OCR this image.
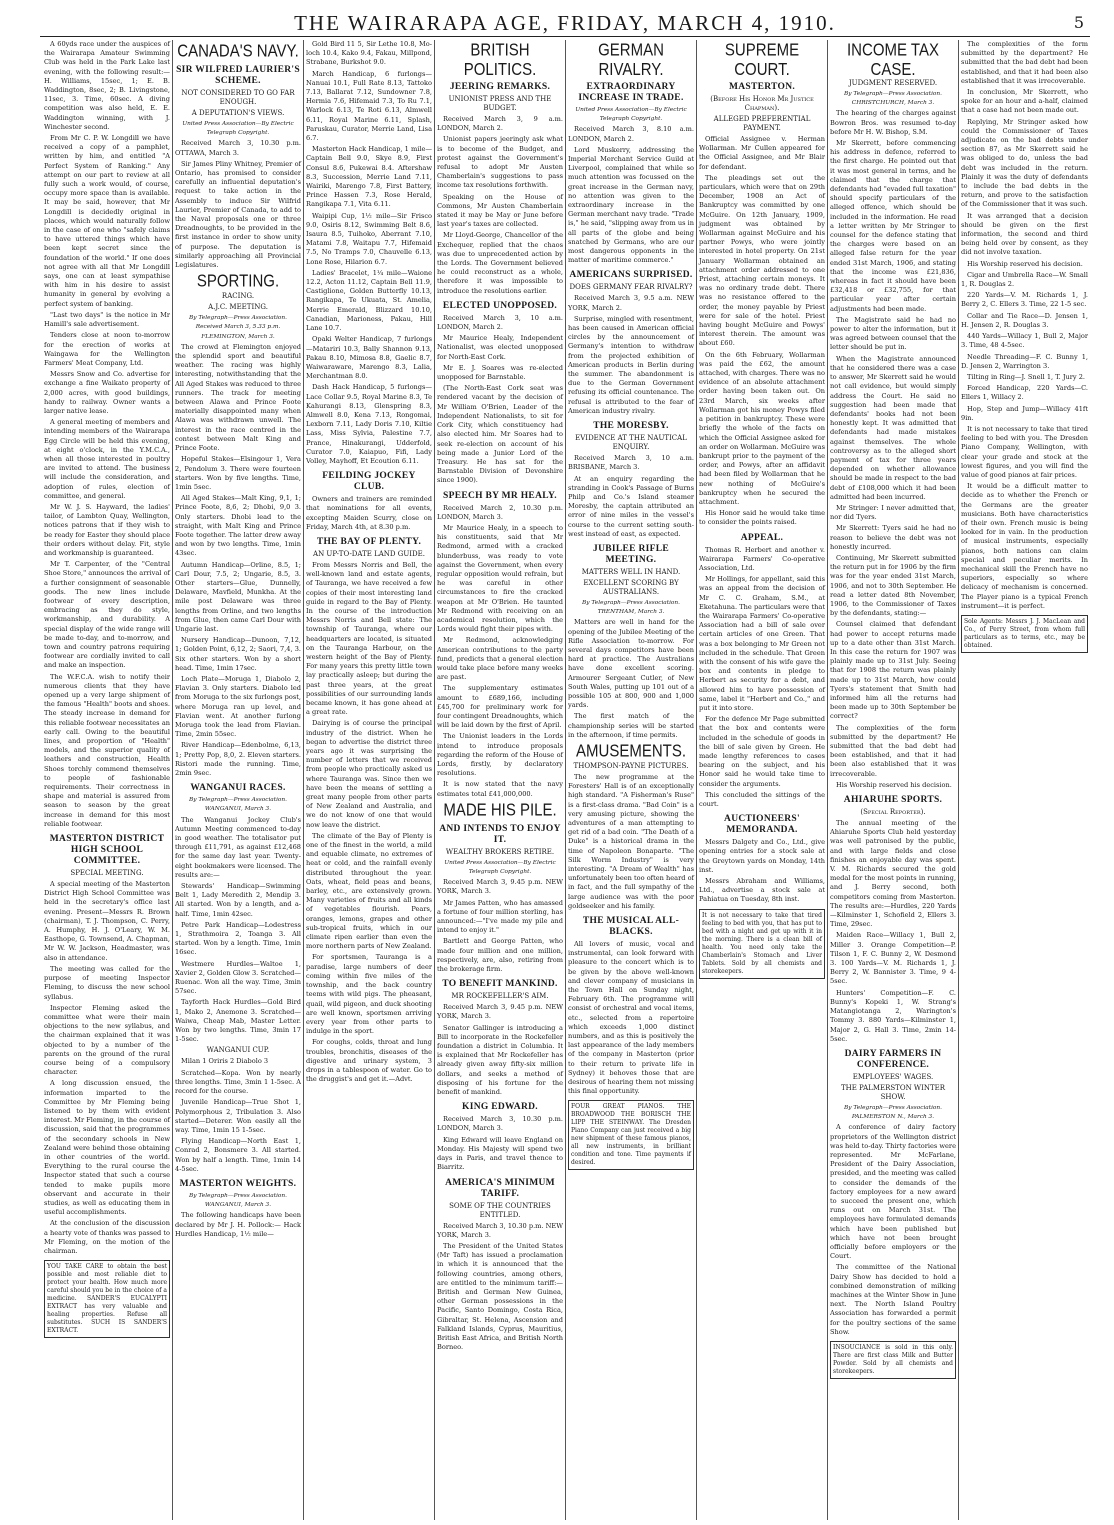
THE WAIRARAPA AGE, FRIDAY, MARCH 4, 1910.	5
A 60yds race under the auspices of the Wairarapa Amateur Swimming Club was held in the Park Lake last evening, with the following result:— H. Williams, 15sec, 1; E. B. Waddington, 8sec, 2; B. Livingstone, 11sec, 3. Time, 60sec. A diving competition was also held, E. E. Waddington winning, with J. Winchester second.
From Mr C. P. W. Longdill we have received a copy of a pamphlet, written by him, and entitled "A Perfect System of Ranking." Any attempt on our part to review at all fully such a work would, of course, occupy more space than is available. It may be said, however, that Mr Longdill is decidedly original in places, which would naturally follow in the case of one who "safely claims to have uttered things which have been kept secret since the foundation of the world." If one does not agree with all that Mr Longdill says, one can at least sympathise with him in his desire to assist humanity in general by evolving a perfect system of banking.
"Last two days" is the notice in Mr Hamill's sale advertisement.
Tenders close at noon to-morrow for the erection of works at Waingawa for the Wellington Farmers' Meat Company, Ltd.
Messrs Snow and Co. advertise for exchange a fine Waikato property of 2,000 acres, with good buildings, handy to railway. Owner wants a larger native lease.
A general meeting of members and intending members of the Wairarapa Egg Circle will be held this evening, at eight o'clock, in the Y.M.C.A., when all those interested in poultry are invited to attend. The business will include the consideration, and adoption of rules, election of committee, and general.
Mr W. J. S. Hayward, the ladies' tailor, of Lambton Quay, Wellington, notices patrons that if they wish to be ready for Easter they should place their orders without delay. Fit, style and workmanship is guaranteed.
Mr T. Carpenter, of the "Central Shoe Store," announces the arrival of a further consignment of seasonable goods. The new lines include footwear of every description, embracing as they do style, workmanship, and durability. A special display of the wide range will be made to-day, and to-morrow, and town and country patrons requiring footwear are cordially invited to call and make an inspection.
The W.F.C.A. wish to notify their numerous clients that they have opened up a very large shipment of the famous "Health" boots and shoes. The steady increase in demand for this reliable footwear necessitates an early call. Owing to the beautiful lines, and proportion of "Health" models, and the superior quality of leathers and construction, Health Shoes torchly commend themselves to people of fashionable requirements. Their correctness in shape and material is assured from season to season by the great increase in demand for this most reliable footwear.
MASTERTON DISTRICT HIGH SCHOOL COMMITTEE.
SPECIAL MEETING.
A special meeting of the Masterton District High School Committee was held in the secretary's office last evening. Present—Messrs R. Brown (chairman), T. J. Thompson, C. Perry, A. Humphy, H. J. O'Leary, W. M. Easthope, G. Townsend, A. Chapman, Mr W. W. Jackson, Headmaster, was also in attendance.
The meeting was called for the purpose of meeting Inspector Fleming, to discuss the new school syllabus.
Inspector Fleming asked the committee what were their main objections to the new syllabus, and the chairman explained that it was objected to by a number of the parents on the ground of the rural course being of a compulsory character.
A long discussion ensued, the information imparted to the Committee by Mr Fleming being listened to by them with evident interest. Mr Fleming, in the course of discussion, said that the programmes of the secondary schools in New Zealand were behind those obtaining in other countries of the world. Everything to the rural course the Inspector stated that such a course tended to make pupils more observant and accurate in their studies, as well as educating them in useful accomplishments.
At the conclusion of the discussion a hearty vote of thanks was passed to Mr Fleming, on the motion of the chairman.
YOU TAKE CARE to obtain the best possible and most reliable diet to protect your health. How much more careful should you be in the choice of a medicine. SANDER'S EUCALYPTI EXTRACT has very valuable and healing properties. Refuse all substitutes. SUCH IS SANDER'S EXTRACT.
CANADA'S NAVY.
SIR WILFRED LAURIER'S SCHEME.
NOT CONSIDERED TO GO FAR ENOUGH.
A DEPUTATION'S VIEWS.
United Press Association—By Electric Telegraph Copyright.
Received March 3, 10.30 p.m. OTTAWA, March 3.
Sir James Pliny Whitney, Premier of Ontario, has promised to consider carefully an influential deputation's request to take action in the Assembly to induce Sir Wilfrid Laurier, Premier of Canada, to add to the Naval proposals one or three Dreadnoughts, to be provided in the first instance in order to show unity of purpose. The deputation is similarly approaching all Provincial Legislatures.
SPORTING.
RACING.
A.J.C. MEETING.
By Telegraph—Press Association. Received March 3, 5.33 p.m. FLEMINGTON, March 3.
The crowd at Flemington enjoyed the splendid sport and beautiful weather. The racing was highly interesting, notwithstanding that the All Aged Stakes was reduced to three runners. The track for meeting between Alawa and Prince Foote materially disappointed many when Alawa was withdrawn unwell. The interest in the race centred in the contest between Malt King and Prince Foote.
Hopeful Stakes—Elsingour 1, Vera 2, Pendolum 3. There were fourteen starters. Won by five lengths. Time, 1min 5sec.
All Aged Stakes—Malt King, 9,1, 1; Prince Foote, 8,6, 2; Dhobi, 9,0 3. Only starters. Dhobi lead to the straight, with Malt King and Prince Foote together. The latter drew away and won by two lengths. Time, 1min 43sec.
Autumn Handicap—Orline, 8.5, 1; Carl Dour, 7.5, 2; Ungarie, 8.5, 3. Other starters—Glue, Dunnelly, Delaware, Mavfield, Munkha. At the mile post Delaware was three lengths from Orline, and two lengths from Glue, then came Carl Dour with Ungarie last.
Nursery Handicap—Dunoon, 7,12, 1; Golden Point, 6,12, 2; Saori, 7,4, 3. Six other starters. Won by a short head. Time, 1min 17sec.
Loch Plate—Moruga 1, Diabolo 2, Flavian 3. Only starters. Diabolo led from Moruga to the six furlongs post, where Moruga ran up level, and Flavian went. At another furlong Moruga took the lead from Flavian. Time, 2min 55sec.
River Handicap—Edenbolme, 6,13, 1; Pretty Pop, 8,0, 2. Eleven starters. Ristori made the running. Time, 2min 9sec.
WANGANUI RACES.
By Telegraph—Press Association. WANGANUI, March 3.
The Wanganui Jockey Club's Autumn Meeting commenced to-day in good weather. The totalisator put through £11,791, as against £12,468 for the same day last year. Twenty-eight bookmakers were licensed. The results are:—
Stewards' Handicap—Swimming Belt 1, Lady Meredith 2, Mendip 3. All started. Won by a length, and a-half. Time, 1min 42sec.
Petre Park Handicap—Lodestress 1, Strathmoira 2, Toanga 3. All started. Won by a length. Time, 1min 16sec.
Westmere Hurdles—Waltoe 1, Xavier 2, Golden Glow 3. Scratched—Ruenac. Won all the way. Time, 3min 57sec.
Tayforth Hack Hurdles—Gold Bird 1, Mako 2, Anemone 3. Scratched—Waiwa, Cheap Mab, Master Letter. Won by two lengths. Time, 3min 17 1-5sec.
WANGANUI CUP.
Milan 1 Oriris 2 Diabolo 3
Scratched—Kopa. Won by nearly three lengths. Time, 3min 1 1-5sec. A record for the course.
Juvenile Handicap—True Shot 1, Polymorphous 2, Tribulation 3. Also started—Deterer. Won easily all the way. Time, 1min 15 1-5sec.
Flying Handicap—North East 1, Conrad 2, Bonsmere 3. All started. Won by half a length. Time, 1min 14 4-5sec.
MASTERTON WEIGHTS.
By Telegraph—Press Association. WANGANUI, March 3.
The following handicaps have been declared by Mr J. H. Pollock:— Hack Hurdles Handicap, 1½ mile—
Gold Bird 11 5, Sir Lethe 10.8, Mo-loch 10.4, Kako 9.4, Fakau, Millpond, Strabane, Burkshot 9.0.
March Handicap, 6 furlongs—Nanuai 10.1, Full Rate 8.13, Tattoko 7.13, Ballarat 7.12, Sundowner 7.8, Hermia 7.6, Hifemaid 7.3, To Ru 7.1, Warlock 6.13, Te Roti 6.13, Almwell 6.11, Royal Marine 6.11, Splash, Paruskau, Curator, Merrie Land, Lisa 6.7.
Masterton Hack Handicap, 1 mile—Captain Bell 9.0, Skye 8.9, First Consul 8.6, Pukewai 8.4. Aftershaw 8.3, Succession, Merrie Land 7.11, Wairiki, Marengo 7.8, First Battery, Prince Hassen 7.3, Rose Herald, Rangikapa 7.1, Vita 6.11.
Waipipi Cup, 1½ mile—Sir Frisco 9.0, Osiris 8.12, Swimming Belt 8.6, Isaura 8.5, Tuihoko, Aberrant 7.10, Matami 7.8, Waitapu 7.7, Hifemaid 7.5, No Tramps 7.0, Chauvelle 6.13, Lone Rose, Hilarion 6.7.
Ladies' Bracelet, 1¼ mile—Waione 12.2, Acton 11.12, Captain Bell 11.9, Castiglione, Golden Butterfly 10.13, Rangikapa, Te Ukuata, St. Amelia, Merrie Emerald, Blizzard 10.10, Canadian, Marioness, Pakau, Hill Lane 10.7.
Opaki Welter Handicap, 7 furlongs—Matariri 10.3, Bally Shannon 9.13, Pakau 8.10, Mimosa 8.8, Gaelic 8.7, Waiwaraware, Marengo 8.3, Lalia, Merchantman 8.0.
Dash Hack Handicap, 5 furlongs—Lace Collar 9.5, Royal Marine 8.3, Te Kahurangi 8.13, Glenspring 8.3, Almwell 8.0, Kena 7.13, Rongomai, Lexborn 7.11, Lady Doris 7.10, Kiltie Lass, Miss Sylvia, Palestine 7.7, Prance, Hinakurangi, Udderfold, Curator 7.0, Kaiapuo, Fifi, Lady Volley, Mayhoff, Et Ecoution 6.11.
FEILDING JOCKEY CLUB.
Owners and trainers are reminded that nominations for all events, excepting Maiden Scurry, close on Friday, March 4th, at 8.30 p.m.
THE BAY OF PLENTY.
AN UP-TO-DATE LAND GUIDE.
From Messrs Norris and Bell, the well-known land and estate agents, of Tauranga, we have received a few copies of their most interesting land guide in regard to the Bay of Plenty. In the course of the introduction Messrs Norris and Bell state: The township of Tauranga, where our headquarters are located, is situated on the Tauranga Harbour, on the western height of the Bay of Plenty. For many years this pretty little town lay practically asleep; but during the past three years, at the great possibilities of our surrounding lands became known, it has gone ahead at a great rate.
Dairying is of course the principal industry of the district. When he began to advertise the district three years ago it was surprising the number of letters that we received from people who practically asked us where Tauranga was. Since then we have been the means of settling a great many people from other parts of New Zealand and Australia, and we do not know of one that would now leave the district.
The climate of the Bay of Plenty is one of the finest in the world, a mild and equable climate, no extremes of heat or cold, and the rainfall evenly distributed throughout the year. Oats, wheat, field peas and beans, barley, etc., are extensively grown. Many varieties of fruits and all kinds of vegetables flourish. Pears, oranges, lemons, grapes and other sub-tropical fruits, which in our climate ripen earlier than even the more northern parts of New Zealand.
For sportsmen, Tauranga is a paradise, large numbers of deer coming within five miles of the township, and the back country teems with wild pigs. The pheasant, quail, wild pigeon, and duck shooting are well known, sportsmen arriving every year from other parts to indulge in the sport.
For coughs, colds, throat and lung troubles, bronchitis, diseases of the digestive and urinary system, 3 drops in a tablespoon of water. Go to the druggist's and get it.—Advt.
BRITISH POLITICS.
JEERING REMARKS.
UNIONIST PRESS AND THE BUDGET.
Received March 3, 9 a.m. LONDON, March 2.
Unionist papers jeeringly ask what is to become of the Budget, and protest against the Government's refusal to adopt Mr Austen Chamberlain's suggestions to pass income tax resolutions forthwith.
Speaking on the House of Commons, Mr Austen Chamberlain stated it may be May or June before last year's taxes are collected.
Mr Lloyd-George, Chancellor of the Exchequer, replied that the chaos was due to unprecedented action by the Lords. The Government believed he could reconstruct as a whole, therefore it was impossible to introduce the resolutions earlier.
ELECTED UNOPPOSED.
Received March 3, 10 a.m. LONDON, March 2.
Mr Maurice Healy, Independent Nationalist, was elected unopposed for North-East Cork.
Mr E. J. Soares was re-elected unopposed for Barnstable.
(The North-East Cork seat was rendered vacant by the decision of Mr William O'Brien, Leader of the Independent Nationalists, to sit for Cork City, which constituency had also elected him. Mr Soares had to seek re-election on account of his being made a Junior Lord of the Treasury. He has sat for the Barnstable Division of Devonshire since 1900).
SPEECH BY MR HEALY.
Received March 2, 10.30 p.m. LONDON, March 3.
Mr Maurice Healy, in a speech to his constituents, said that Mr Redmond, armed with a cracked blunderbuss, was ready to vote against the Government, when every regular opposition would refrain, but he was careful in other circumstances to fire the cracked weapon at Mr O'Brien. He taunted Mr Redmond with receiving on an academical resolution, which the Lords would fight their pipes with.
Mr Redmond, acknowledging American contributions to the party fund, predicts that a general election would take place before many weeks are past.
The supplementary estimates amount to £689,166, including £45,700 for preliminary work for four contingent Dreadnoughts, which will be laid down by the first of April.
The Unionist leaders in the Lords intend to introduce proposals regarding the reform of the House of Lords, firstly, by declaratory resolutions.
It is now stated that the navy estimates total £41,000,000.
MADE HIS PILE.
AND INTENDS TO ENJOY IT.
WEALTHY BROKERS RETIRE.
United Press Association—By Electric Telegraph Copyright.
Received March 3, 9.45 p.m. NEW YORK, March 3.
Mr James Patten, who has amassed a fortune of four million sterling, has announced:—"I've made my pile and intend to enjoy it."
Bartlett and George Patten, who made four million and one million, respectively, are, also, retiring from the brokerage firm.
TO BENEFIT MANKIND.
MR ROCKEFELLER'S AIM.
Received March 3, 9.45 p.m. NEW YORK, March 3.
Senator Gallinger is introducing a Bill to incorporate in the Rockefeller foundation a district in Columbia. It is explained that Mr Rockefeller has already given away fifty-six million dollars, and seeks a method of disposing of his fortune for the benefit of mankind.
KING EDWARD.
Received March 3, 10.30 p.m. LONDON, March 3.
King Edward will leave England on Monday. His Majesty will spend two days in Paris, and travel thence to Biarritz.
AMERICA'S MINIMUM TARIFF.
SOME OF THE COUNTRIES ENTITLED.
Received March 3, 10.30 p.m. NEW YORK, March 3.
The President of the United States (Mr Taft) has issued a proclamation in which it is announced that the following countries, among others, are entitled to the minimum tariff:—British and German New Guinea, other German possessions in the Pacific, Santo Domingo, Costa Rica, Gibraltar, St. Helena, Ascension and Falkland Islands, Cyprus, Mauritius, British East Africa, and British North Borneo.
GERMAN RIVALRY.
EXTRAORDINARY INCREASE IN TRADE.
United Press Association—By Electric Telegraph Copyright.
Received March 3, 8.10 a.m. LONDON, March 2.
Lord Muskerry, addressing the Imperial Merchant Service Guild at Liverpool, complained that while so much attention was focussed on the great increase in the German navy, no attention was given to the extraordinary increase in the German merchant navy trade. "Trade is," he said, "slipping away from us in all parts of the globe and being snatched by Germans, who are our most dangerous opponents in the matter of maritime commerce."
AMERICANS SURPRISED.
DOES GERMANY FEAR RIVALRY?
Received March 3, 9.5 a.m. NEW YORK, March 2.
Surprise, mingled with resentment, has been caused in American official circles by the announcement of Germany's intention to withdraw from the projected exhibition of American products in Berlin during the summer. The abandonment is due to the German Government refusing its official countenance. The refusal is attributed to the fear of American industry rivalry.
THE MORESBY.
EVIDENCE AT THE NAUTICAL ENQUIRY.
Received March 3, 10 a.m. BRISBANE, March 3.
At an enquiry regarding the stranding in Cook's Passage of Burns Philp and Co.'s Island steamer Moresby, the captain attributed an error of nine miles in the vessel's course to the current setting south-west instead of east, as expected.
JUBILEE RIFLE MEETING.
MATTERS WELL IN HAND.
EXCELLENT SCORING BY AUSTRALIANS.
By Telegraph—Press Association. TRENTHAM, March 3.
Matters are well in hand for the opening of the Jubilee Meeting of the Rifle Association to-morrow. For several days competitors have been hard at practice. The Australians have done excellent scoring. Armourer Sergeant Cutler, of New South Wales, putting up 101 out of a possible 105 at 800, 900 and 1,000 yards.
The first match of the championship series will be started in the afternoon, if time permits.
AMUSEMENTS.
THOMPSON-PAYNE PICTURES.
The new programme at the Foresters' Hall is of an exceptionally high standard. "A Fisherman's Ruse" is a first-class drama. "Bad Coin" is a very amusing picture, showing the adventures of a man attempting to get rid of a bad coin. "The Death of a Duke" is a historical drama in the time of Napoleon Bonaparte. "The Silk Worm Industry" is very interesting. "A Dream of Wealth" has unfortunately been too often heard of in fact, and the full sympathy of the large audience was with the poor goldseeker and his family.
THE MUSICAL ALL-BLACKS.
All lovers of music, vocal and instrumental, can look forward with pleasure to the concert which is to be given by the above well-known and clever company of musicians in the Town Hall on Sunday night, February 6th. The programme will consist of orchestral and vocal items, etc., selected from a repertoire which exceeds 1,000 distinct numbers, and as this is positively the last appearance of the lady members of the company in Masterton (prior to their return to private life in Sydney) it behoves those that are desirous of hearing them not missing this final opportunity.
FOUR GREAT PIANOS. THE BROADWOOD THE BORISCH THE LIPP THE STEINWAY. The Dresden Piano Company can just received a big new shipment of these famous pianos, all new instruments, in brilliant condition and tone. Time payments if desired.
SUPREME COURT.
MASTERTON.
(Before His Honor Mr Justice Chapman).
ALLEGED PREFERENTIAL PAYMENT.
Official Assignee v. Herman Wollarman. Mr Cullen appeared for the Official Assignee, and Mr Blair for defendant.
The pleadings set out the particulars, which were that on 29th December, 1908 an Act of Bankruptcy was committed by one McGuire. On 12th January, 1909, judgment was obtained by Wollarman against McGuire and his partner Powys, who were jointly interested in hotel property. On 21st January Wollarman obtained an attachment order addressed to one Priest, attaching certain moneys. It was no ordinary trade debt. There was no resistance offered to the order, the money payable by Priest were for sale of the hotel. Priest having bought McGuire and Powys' interest therein. The amount was about £60.
On the 6th February, Wollarman was paid the £62, the amount attached, with charges. There was no evidence of an absolute attachment order having been taken out. On 23rd March, six weeks after Wollarman got his money Powys filed a petition in bankruptcy. These were briefly the whole of the facts on which the Official Assignee asked for an order on Wollarman. McGuire was bankrupt prior to the payment of the order, and Powys, after an affidavit had been filed by Wollarman that he new nothing of McGuire's bankruptcy when he secured the attachment.
His Honor said he would take time to consider the points raised.
APPEAL.
Thomas R. Herbert and another v. Wairarapa Farmers' Co-operative Association, Ltd.
Mr Hollings, for appellant, said this was an appeal from the decision of Mr C. C. Graham, S.M., at Eketahuna. The particulars were that the Wairarapa Farmers' Co-operative Association had a bill of sale over certain articles of one Green. That was a box belonging to Mr Green not included in the schedule. That Green with the consent of his wife gave the box and contents in pledge to Herbert as security for a debt, and allowed him to have possession of same, label it "Herbert and Co.," and put it into store.
For the defence Mr Page submitted that the box and contents were included in the schedule of goods in the bill of sale given by Green. He made lengthy references to cases bearing on the subject, and his Honor said he would take time to consider the arguments.
This concluded the sittings of the court.
AUCTIONEERS' MEMORANDA.
Messrs Dalgety and Co., Ltd., give opening entries for a stock sale at the Greytown yards on Monday, 14th inst.
Messrs Abraham and Williams, Ltd., advertise a stock sale at Pahiatua on Tuesday, 8th inst.
It is not necessary to take that tired feeling to bed with you, that has put to bed with a night and get up with it in the morning. There is a clean bill of health. You need only take the Chamberlain's Stomach and Liver Tablets. Sold by all chemists and storekeepers.
INCOME TAX CASE.
JUDGMENT RESERVED.
By Telegraph—Press Association. CHRISTCHURCH, March 3.
The hearing of the charges against Bowron Bros. was resumed to-day before Mr H. W. Bishop, S.M.
Mr Skerrett, before commencing his address in defence, referred to the first charge. He pointed out that it was most general in terms, and he claimed that the charge that defendants had "evaded full taxation" should specify particulars of the alleged offence, which should be included in the information. He read a letter written by Mr Stringer to counsel for the defence stating that the charges were based on an alleged false return for the year ended 31st March, 1906, and stating that the income was £21,836, whereas in fact it should have been £32,418 or £32,755, for that particular year after certain adjustments had been made.
The Magistrate said he had no power to alter the information, but it was agreed between counsel that the letter should be put in.
When the Magistrate announced that he considered there was a case to answer, Mr Skerrett said he would not call evidence, but would simply address the Court. He said no suggestion had been made that defendants' books had not been honestly kept. It was admitted that defendants had made mistakes against themselves. The whole controversy as to the alleged short payment of tax for three years depended on whether allowance should be made in respect to the bad debt of £108,000 which it had been admitted had been incurred.
Mr Stringer: I never admitted that, nor did Tyers.
Mr Skerrett: Tyers said he had no reason to believe the debt was not honestly incurred.
Continuing, Mr Skerrett submitted the return put in for 1906 by the firm was for the year ended 31st March, 1906, and not to 30th September. He read a letter dated 8th November, 1906, to the Commissioner of Taxes by the defendants, stating:—
Counsel claimed that defendant had power to accept returns made up to a date other than 31st March. In this case the return for 1907 was plainly made up to 31st July. Seeing that for 1908 the return was plainly made up to 31st March, how could Tyers's statement that Smith had informed him all the returns had been made up to 30th September be correct?
The complexities of the form submitted by the department? He submitted that the bad debt had been established, and that it had been also established that it was irrecoverable.
His Worship reserved his decision.
AHIARUHE SPORTS.
(Special Reporter).
The annual meeting of the Ahiaruhe Sports Club held yesterday was well patronised by the public, and with large fields and close finishes an enjoyable day was spent. V. M. Richards secured the gold medal for the most points in running, and J. Berry second, both competitors coming from Masterton. The results are:—Hurdles, 220 Yards—Kilminster 1, Schofield 2, Ellers 3. Time, 29sec.
Maiden Race—Willacy 1, Bull 2, Miller 3. Orange Competition—P. Tilson 1, F. C. Bunny 2, W. Desmond 3. 100 Yards—V. M. Richards 1, J. Berry 2, W. Bannister 3. Time, 9 4-5sec.
Hunters' Competition—F. C. Bunny's Kopeki 1, W. Strang's Matangiotanga 2, Warington's Tommy 3. 880 Yards—Kilminster 1, Major 2, G. Hall 3. Time, 2min 14-5sec.
DAIRY FARMERS IN CONFERENCE.
EMPLOYEES' WAGES.
THE PALMERSTON WINTER SHOW.
By Telegraph—Press Association. PALMERSTON N., March 3.
A conference of dairy factory proprietors of the Wellington district was held to-day. Thirty factories were represented. Mr McFarlane, President of the Dairy Association, presided, and the meeting was called to consider the demands of the factory employees for a new award to succeed the present one, which runs out on March 31st. The employees have formulated demands which have been published but which have not been brought officially before employers or the Court.
The committee of the National Dairy Show has decided to hold a combined demonstration of milking machines at the Winter Show in June next. The North Island Poultry Association has forwarded a permit for the poultry sections of the same Show.
INSOUCIANCE is sold in this only. There are first class Milk and Butter Powder. Sold by all chemists and storekeepers.
The complexities of the form submitted by the department? He submitted that the bad debt had been established, and that it had been also established that it was irrecoverable.
In conclusion, Mr Skerrett, who spoke for an hour and a-half, claimed that a case had not been made out.
Replying, Mr Stringer asked how could the Commissioner of Taxes adjudicate on the bad debts under section 87, as Mr Skerrett said he was obliged to do, unless the bad debt was included in the return. Plainly it was the duty of defendants to include the bad debts in the return, and prove to the satisfaction of the Commissioner that it was such.
It was arranged that a decision should be given on the first information, the second and third being held over by consent, as they did not involve taxation.
His Worship reserved his decision.
Cigar and Umbrella Race—W. Small 1, R. Douglas 2.
220 Yards—V. M. Richards 1, J. Berry 2, C. Ellers 3. Time, 22 1-5 sec.
Collar and Tie Race—D. Jensen 1, H. Jensen 2, R. Douglas 3.
440 Yards—Willacy 1, Bull 2, Major 3. Time, 48 4-5sec.
Needle Threading—F. C. Bunny 1, D. Jensen 2, Warrington 3.
Tilting in Ring—J. Snell 1, T. Jury 2.
Forced Handicap, 220 Yards—C. Ellers 1, Willacy 2.
Hop, Step and Jump—Willacy 41ft 9in.
It is not necessary to take that tired feeling to bed with you. The Dresden Piano Company, Wellington, with clear your grade and stock at the lowest figures, and you will find the value of good pianos at fair prices.
It would be a difficult matter to decide as to whether the French or the Germans are the greater musicians. Both have characteristics of their own. French music is being looked for in vain. In the production of musical instruments, especially pianos, both nations can claim special and peculiar merits. In mechanical skill the French have no superiors, especially so where delicacy of mechanism is concerned. The Player piano is a typical French instrument—it is perfect.
Sole Agents: Messrs J. J. MacLean and Co., of Perry Street, from whom full particulars as to terms, etc., may be obtained.
